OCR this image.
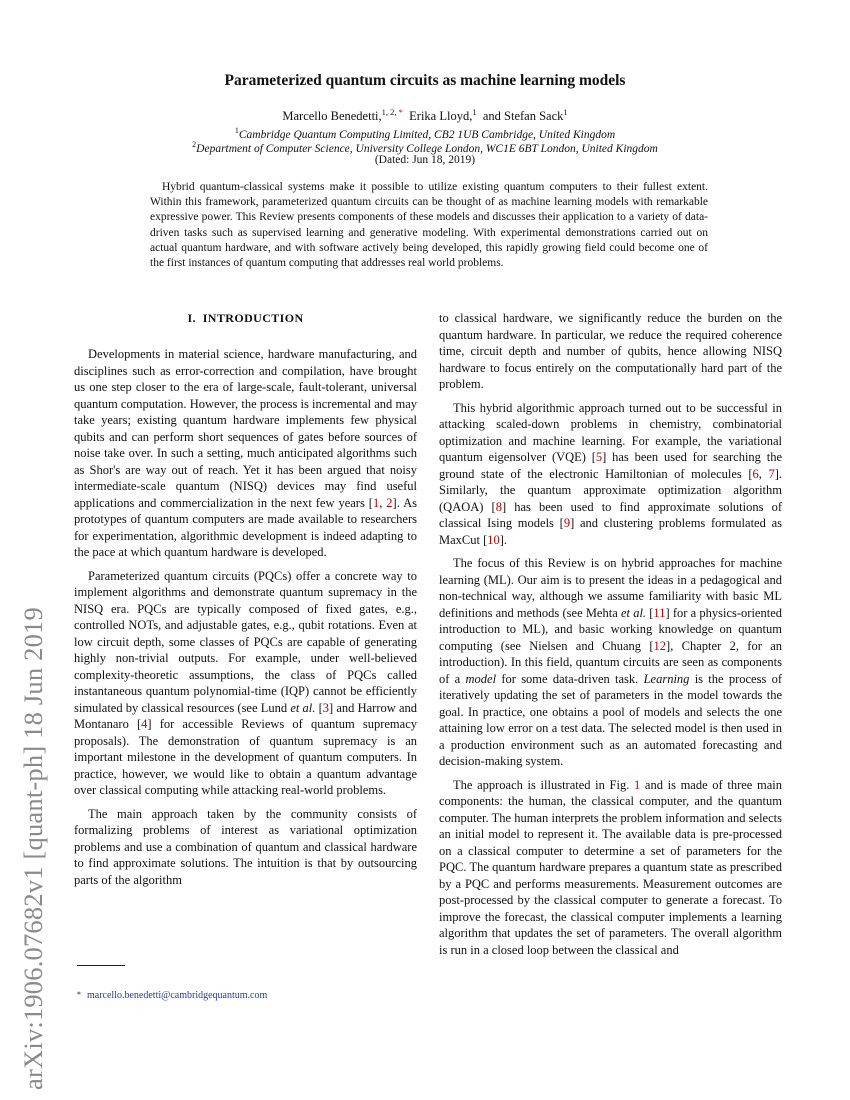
arXiv:1906.07682v1 [quant-ph] 18 Jun 2019
Parameterized quantum circuits as machine learning models
Marcello Benedetti,$^{1, 2, *}$ Erika Lloyd,$^1$ and Stefan Sack$^1$
$^1$Cambridge Quantum Computing Limited, CB2 1UB Cambridge, United Kingdom
$^2$Department of Computer Science, University College London, WC1E 6BT London, United Kingdom
(Dated: Jun 18, 2019)

Hybrid quantum-classical systems make it possible to utilize existing quantum computers to their fullest extent. Within this framework, parameterized quantum circuits can be thought of as machine learning models with remarkable expressive power. This Review presents components of these models and discusses their application to a variety of data-driven tasks such as supervised learning and generative modeling. With experimental demonstrations carried out on actual quantum hardware, and with software actively being developed, this rapidly growing field could become one of the first instances of quantum computing that addresses real world problems.

I. INTRODUCTION

Developments in material science, hardware manufacturing, and disciplines such as error-correction and compilation, have brought us one step closer to the era of large-scale, fault-tolerant, universal quantum computation. However, the process is incremental and may take years; existing quantum hardware implements few physical qubits and can perform short sequences of gates before sources of noise take over. In such a setting, much anticipated algorithms such as Shor's are way out of reach. Yet it has been argued that noisy intermediate-scale quantum (NISQ) devices may find useful applications and commercialization in the next few years [1, 2]. As prototypes of quantum computers are made available to researchers for experimentation, algorithmic development is indeed adapting to the pace at which quantum hardware is developed.

Parameterized quantum circuits (PQCs) offer a concrete way to implement algorithms and demonstrate quantum supremacy in the NISQ era. PQCs are typically composed of fixed gates, e.g., controlled NOTs, and adjustable gates, e.g., qubit rotations. Even at low circuit depth, some classes of PQCs are capable of generating highly non-trivial outputs. For example, under well-believed complexity-theoretic assumptions, the class of PQCs called instantaneous quantum polynomial-time (IQP) cannot be efficiently simulated by classical resources (see Lund et al. [3] and Harrow and Montanaro [4] for accessible Reviews of quantum supremacy proposals). The demonstration of quantum supremacy is an important milestone in the development of quantum computers. In practice, however, we would like to obtain a quantum advantage over classical computing while attacking real-world problems.

The main approach taken by the community consists of formalizing problems of interest as variational optimization problems and use a combination of quantum and classical hardware to find approximate solutions. The intuition is that by outsourcing parts of the algorithm

to classical hardware, we significantly reduce the burden on the quantum hardware. In particular, we reduce the required coherence time, circuit depth and number of qubits, hence allowing NISQ hardware to focus entirely on the computationally hard part of the problem.

This hybrid algorithmic approach turned out to be successful in attacking scaled-down problems in chemistry, combinatorial optimization and machine learning. For example, the variational quantum eigensolver (VQE) [5] has been used for searching the ground state of the electronic Hamiltonian of molecules [6, 7]. Similarly, the quantum approximate optimization algorithm (QAOA) [8] has been used to find approximate solutions of classical Ising models [9] and clustering problems formulated as MaxCut [10].

The focus of this Review is on hybrid approaches for machine learning (ML). Our aim is to present the ideas in a pedagogical and non-technical way, although we assume familiarity with basic ML definitions and methods (see Mehta et al. [11] for a physics-oriented introduction to ML), and basic working knowledge on quantum computing (see Nielsen and Chuang [12], Chapter 2, for an introduction). In this field, quantum circuits are seen as components of a model for some data-driven task. Learning is the process of iteratively updating the set of parameters in the model towards the goal. In practice, one obtains a pool of models and selects the one attaining low error on a test data. The selected model is then used in a production environment such as an automated forecasting and decision-making system.

The approach is illustrated in Fig. 1 and is made of three main components: the human, the classical computer, and the quantum computer. The human interprets the problem information and selects an initial model to represent it. The available data is pre-processed on a classical computer to determine a set of parameters for the PQC. The quantum hardware prepares a quantum state as prescribed by a PQC and performs measurements. Measurement outcomes are post-processed by the classical computer to generate a forecast. To improve the forecast, the classical computer implements a learning algorithm that updates the set of parameters. The overall algorithm is run in a closed loop between the classical and

* marcello.benedetti@cambridgequantum.com
